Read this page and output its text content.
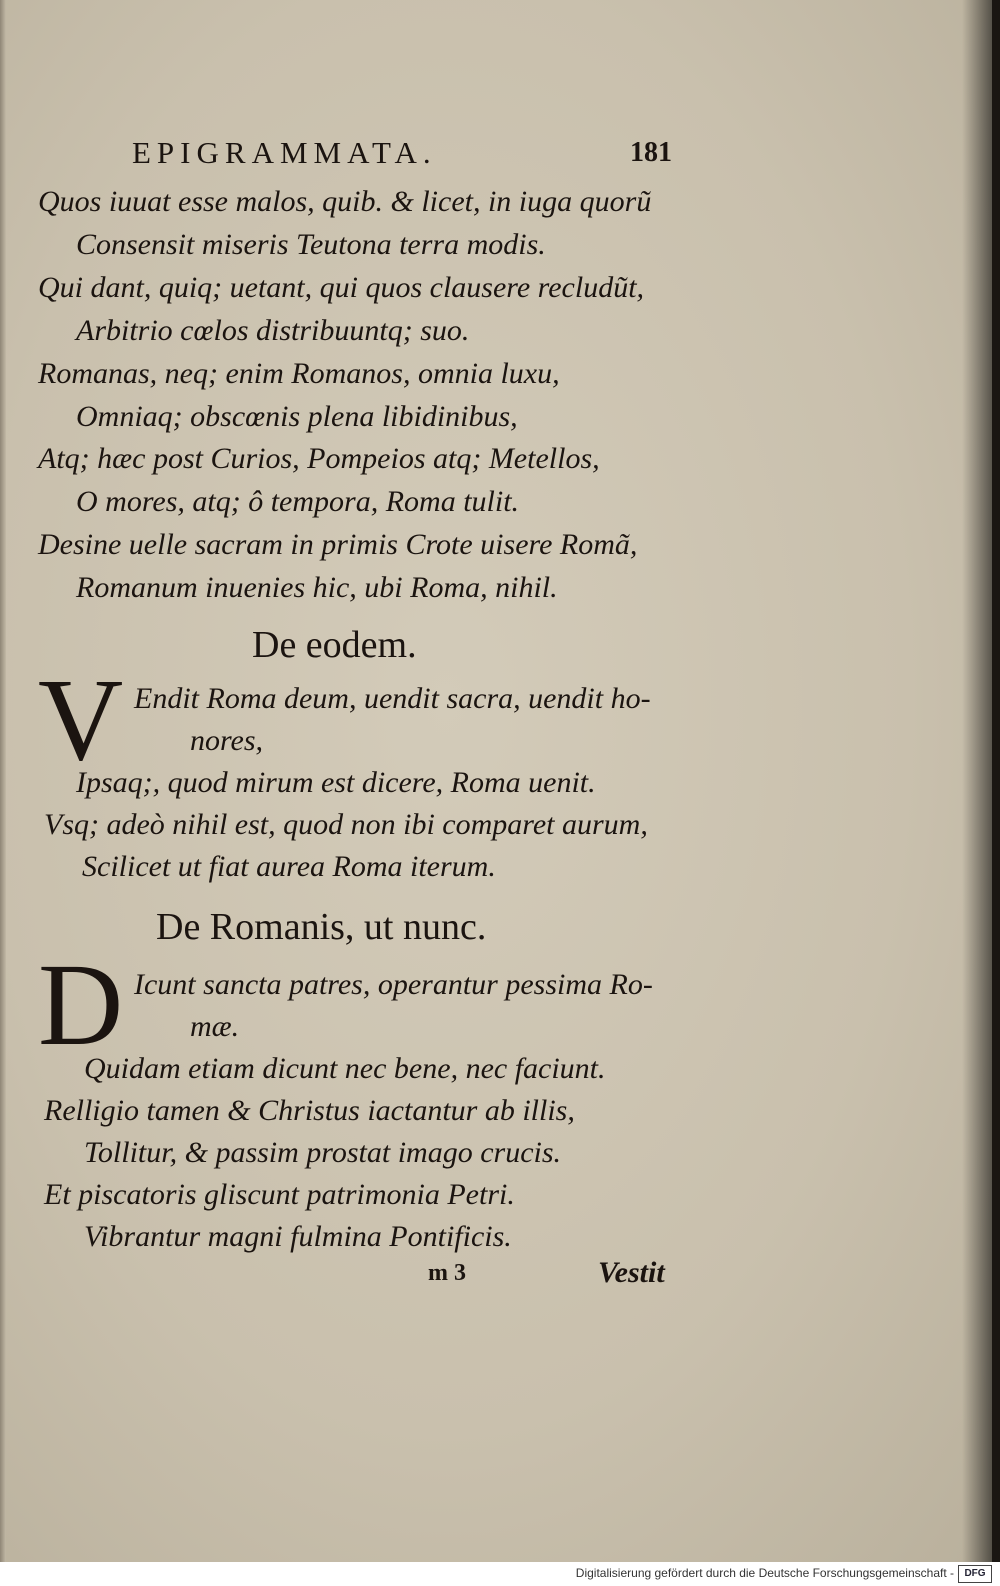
EPIGRAMMATA.	181
Quos iuuat esse malos, quib. & licet, in iuga quorũ
Consensit miseris Teutona terra modis.
Qui dant, quiq; uetant, qui quos clausere recludũt,
Arbitrio cœlos distribuuntq; suo.
Romanas, neq; enim Romanos, omnia luxu,
Omniaq; obscœnis plena libidinibus,
Atq; hæc post Curios, Pompeios atq; Metellos,
O mores, atq; ô tempora, Roma tulit.
Desine uelle sacram in primis Crote uisere Romã,
Romanum inuenies hic, ubi Roma, nihil.
De eodem.
V Endit Roma deum, uendit sacra, uendit ho-
nores,
Ipsaq;, quod mirum est dicere, Roma uenit.
Vsq; adeò nihil est, quod non ibi comparet aurum,
Scilicet ut fiat aurea Roma iterum.
De Romanis, ut nunc.
D Icunt sancta patres, operantur pessima Ro-
mæ.
Quidam etiam dicunt nec bene, nec faciunt.
Relligio tamen & Christus iactantur ab illis,
Tollitur, & passim prostat imago crucis.
Et piscatoris gliscunt patrimonia Petri.
Vibrantur magni fulmina Pontificis.
m 3	Vestit
Digitalisierung gefördert durch die Deutsche Forschungsgemeinschaft -	DFG
